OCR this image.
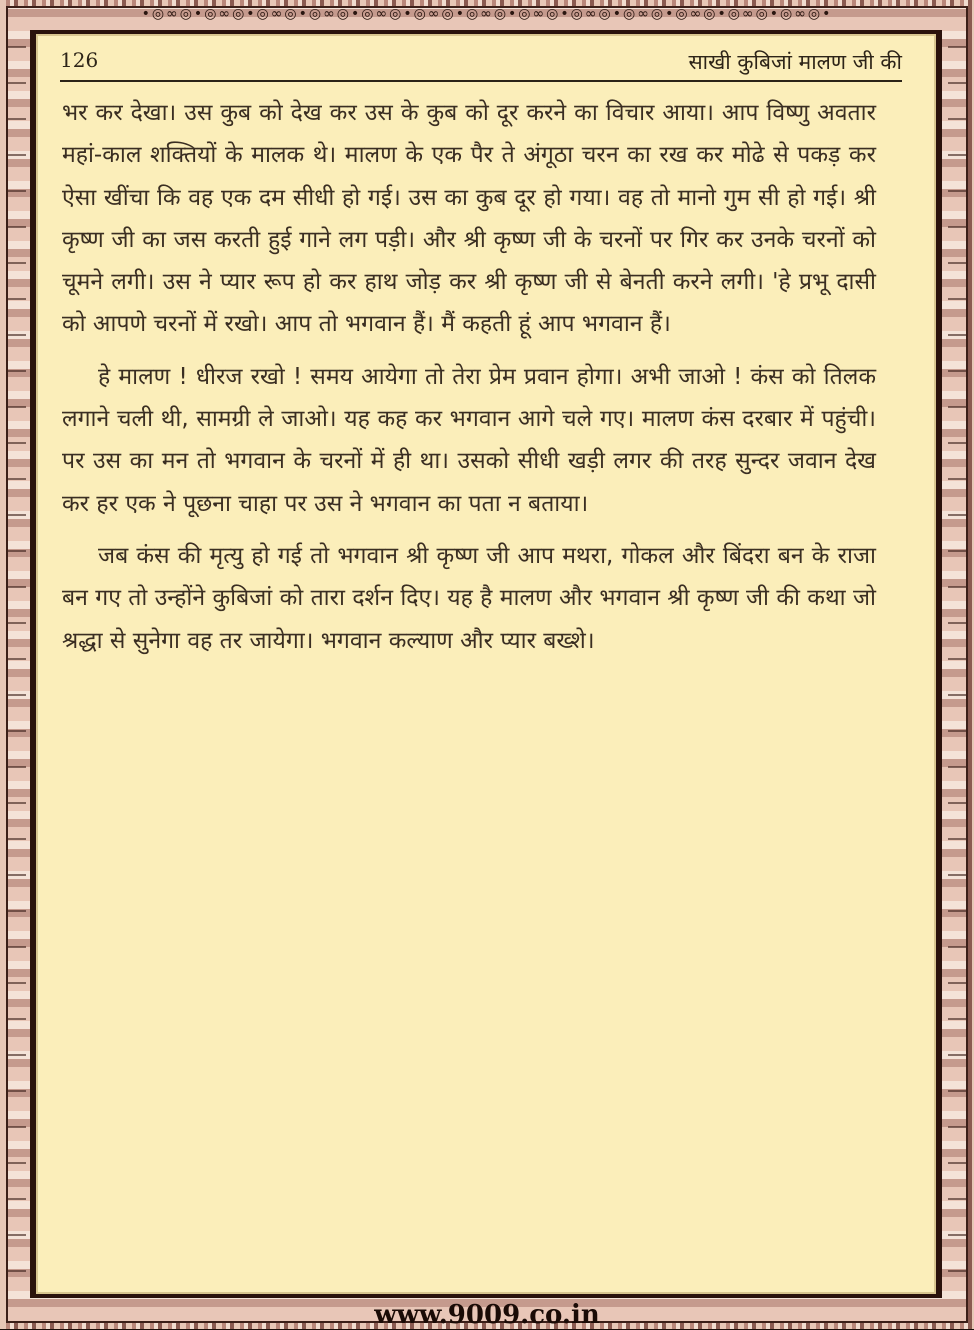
•◎∞◎•◎∞◎•◎∞◎•◎∞◎•◎∞◎•◎∞◎•◎∞◎•◎∞◎•◎∞◎•◎∞◎•◎∞◎•◎∞◎•◎∞◎•
126	साखी कुबिजां मालण जी की

भर कर देखा। उस कुब को देख कर उस के कुब को दूर करने का विचार आया। आप विष्णु अवतार महां-काल शक्तियों के मालक थे। मालण के एक पैर ते अंगूठा चरन का रख कर मोढे से पकड़ कर ऐसा खींचा कि वह एक दम सीधी हो गई। उस का कुब दूर हो गया। वह तो मानो गुम सी हो गई। श्री कृष्ण जी का जस करती हुई गाने लग पड़ी। और श्री कृष्ण जी के चरनों पर गिर कर उनके चरनों को चूमने लगी। उस ने प्यार रूप हो कर हाथ जोड़ कर श्री कृष्ण जी से बेनती करने लगी। 'हे प्रभू दासी को आपणे चरनों में रखो। आप तो भगवान हैं। मैं कहती हूं आप भगवान हैं।

हे मालण ! धीरज रखो ! समय आयेगा तो तेरा प्रेम प्रवान होगा। अभी जाओ ! कंस को तिलक लगाने चली थी, सामग्री ले जाओ। यह कह कर भगवान आगे चले गए। मालण कंस दरबार में पहुंची। पर उस का मन तो भगवान के चरनों में ही था। उसको सीधी खड़ी लगर की तरह सुन्दर जवान देख कर हर एक ने पूछना चाहा पर उस ने भगवान का पता न बताया।

जब कंस की मृत्यु हो गई तो भगवान श्री कृष्ण जी आप मथरा, गोकल और बिंदरा बन के राजा बन गए तो उन्होंने कुबिजां को तारा दर्शन दिए। यह है मालण और भगवान श्री कृष्ण जी की कथा जो श्रद्धा से सुनेगा वह तर जायेगा। भगवान कल्याण और प्यार बख्शे।

www.9009.co.in
